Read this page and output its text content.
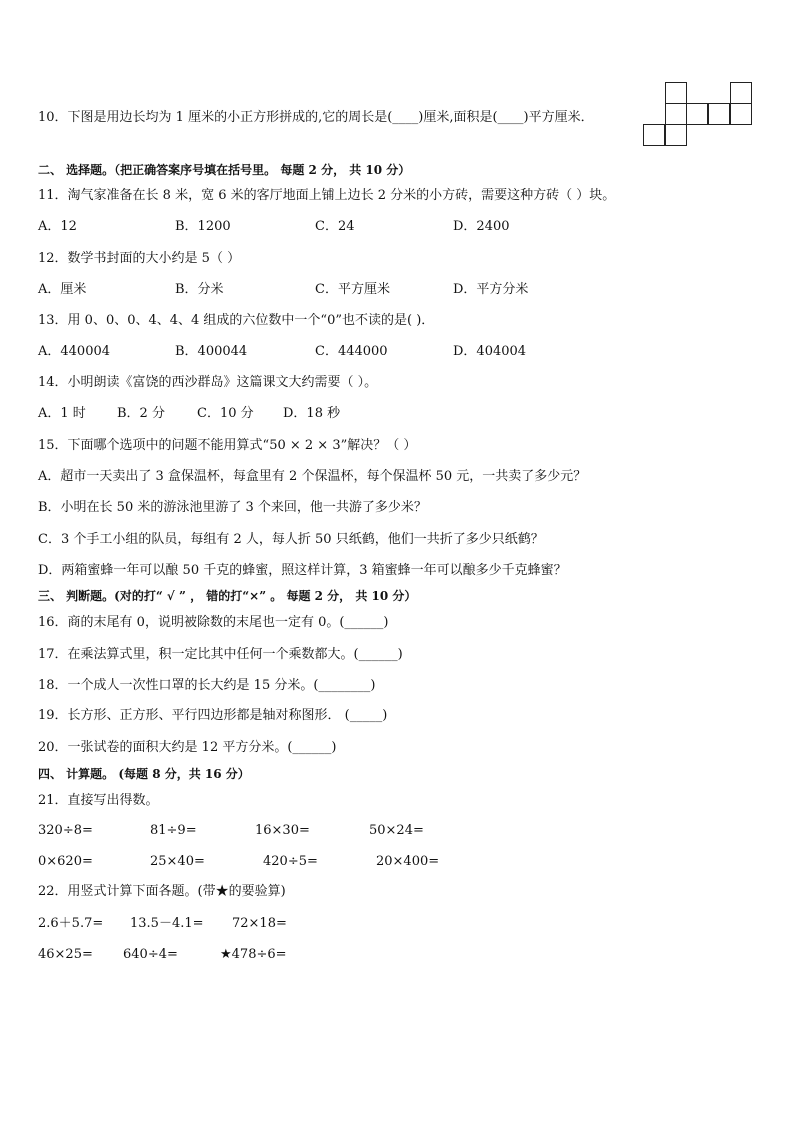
10．下图是用边长均为 1 厘米的小正方形拼成的,它的周长是(____)厘米,面积是(____)平方厘米．
二、 选择题。（把正确答案序号填在括号里。 每题 2 分， 共 10 分）
11．淘气家准备在长 8 米，宽 6 米的客厅地面上铺上边长 2 分米的小方砖，需要这种方砖（ ）块。
A．12	B．1200	C．24	D．2400
12．数学书封面的大小约是 5（ ）
A．厘米	B．分米	C．平方厘米	D．平方分米
13．用 0、0、0、4、4、4 组成的六位数中一个“0”也不读的是( )．
A．440004	B．400044	C．444000	D．404004
14．小明朗读《富饶的西沙群岛》这篇课文大约需要（ ）。
A．1 时 B．2 分 C．10 分 D．18 秒
15．下面哪个选项中的问题不能用算式“50 × 2 × 3”解决？（ ）
A．超市一天卖出了 3 盒保温杯，每盒里有 2 个保温杯，每个保温杯 50 元，一共卖了多少元？
B．小明在长 50 米的游泳池里游了 3 个来回，他一共游了多少米？
C．3 个手工小组的队员，每组有 2 人，每人折 50 只纸鹤，他们一共折了多少只纸鹤？
D．两箱蜜蜂一年可以酿 50 千克的蜂蜜，照这样计算，3 箱蜜蜂一年可以酿多少千克蜂蜜？
三、 判断题。(对的打“ √ ” ， 错的打“×” 。 每题 2 分， 共 10 分）
16．商的末尾有 0，说明被除数的末尾也一定有 0。(______)
17．在乘法算式里，积一定比其中任何一个乘数都大。(______)
18．一个成人一次性口罩的长大约是 15 分米。(________)
19．长方形、正方形、平行四边形都是轴对称图形． (_____)
20．一张试卷的面积大约是 12 平方分米。(______)
四、 计算题。 (每题 8 分，共 16 分）
21．直接写出得数。
320÷8=	81÷9=	16×30=	50×24=
0×620=	25×40=	420÷5=	20×400=
22．用竖式计算下面各题。(带★的要验算)
2.6＋5.7= 13.5－4.1= 72×18=
46×25= 640÷4=	★478÷6=
